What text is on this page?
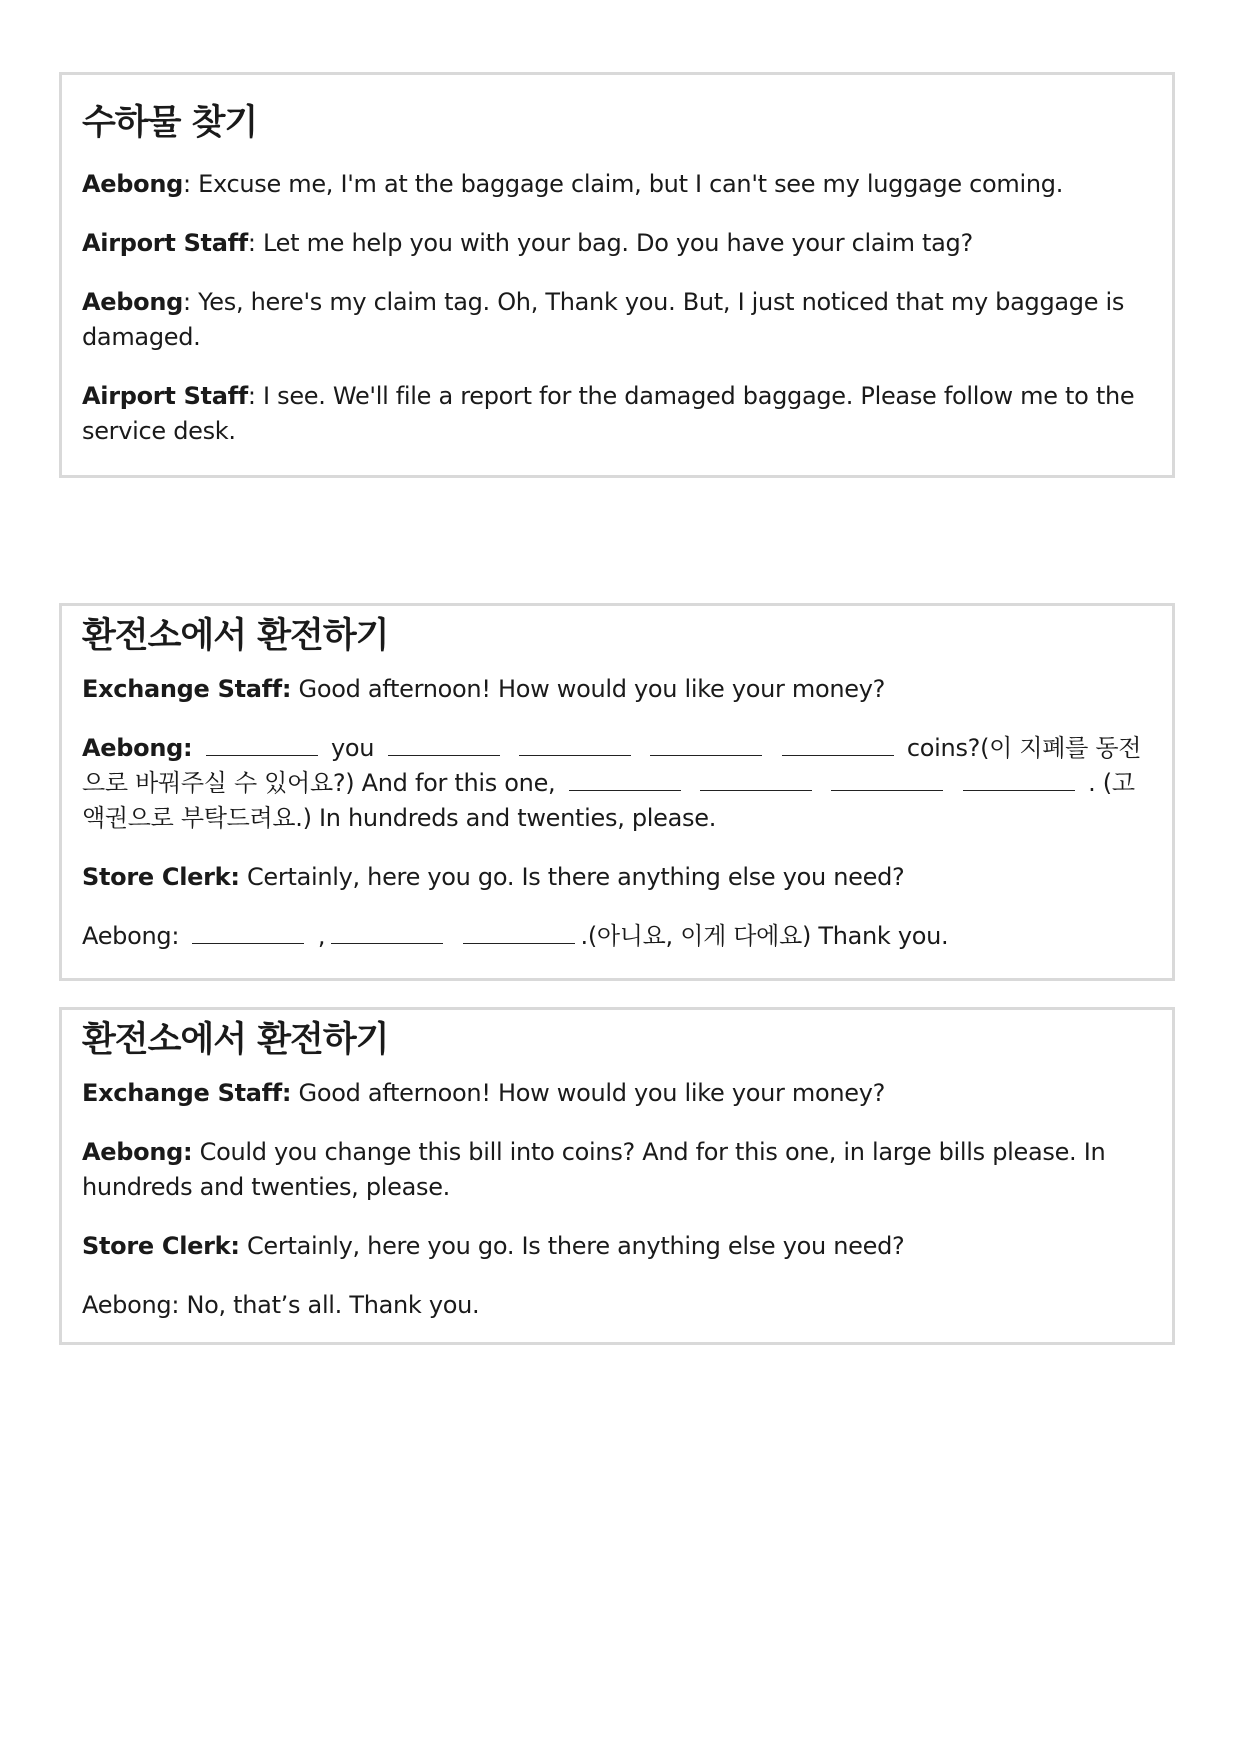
수하물 찾기

Aebong: Excuse me, I'm at the baggage claim, but I can't see my luggage coming.

Airport Staff: Let me help you with your bag. Do you have your claim tag?

Aebong: Yes, here's my claim tag. Oh, Thank you. But, I just noticed that my baggage is damaged.

Airport Staff: I see. We'll file a report for the damaged baggage. Please follow me to the service desk.

환전소에서 환전하기

Exchange Staff: Good afternoon! How would you like your money?

Aebong:	you	coins?(이 지폐를 동전으로 바꿔주실 수 있어요?) And for this one,	. (고액권으로 부탁드려요.) In hundreds and twenties, please.

Store Clerk: Certainly, here you go. Is there anything else you need?

Aebong:	,	.(아니요, 이게 다에요) Thank you.

환전소에서 환전하기

Exchange Staff: Good afternoon! How would you like your money?

Aebong: Could you change this bill into coins? And for this one, in large bills please. In hundreds and twenties, please.

Store Clerk: Certainly, here you go. Is there anything else you need?

Aebong: No, that’s all. Thank you.
